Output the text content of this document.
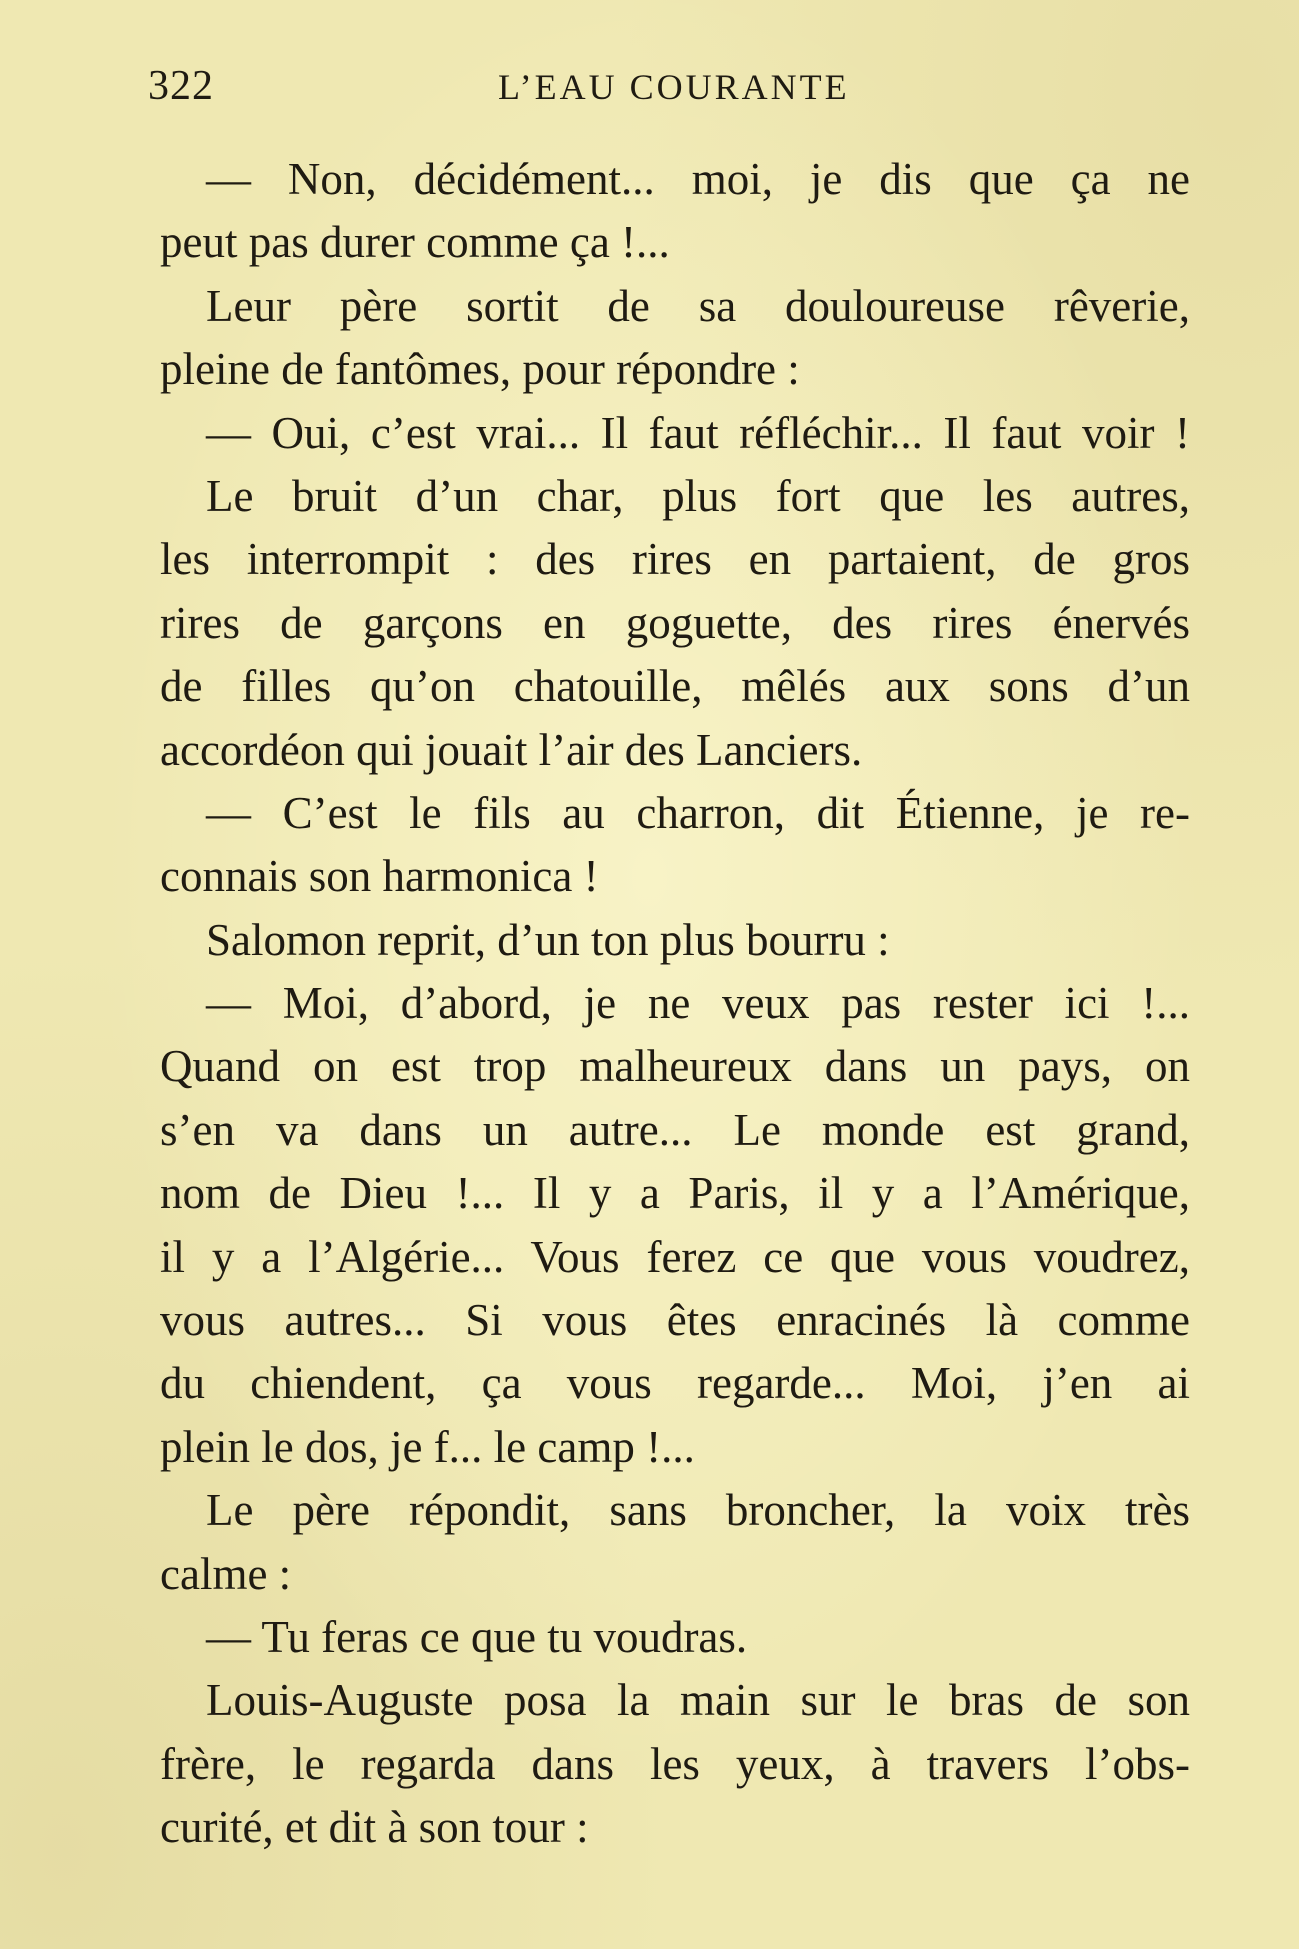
322	L’EAU COURANTE
— Non, décidément... moi, je dis que ça ne
peut pas durer comme ça !...
Leur père sortit de sa douloureuse rêverie,
pleine de fantômes, pour répondre :
— Oui, c’est vrai... Il faut réfléchir... Il faut voir !
Le bruit d’un char, plus fort que les autres,
les interrompit : des rires en partaient, de gros
rires de garçons en goguette, des rires énervés
de filles qu’on chatouille, mêlés aux sons d’un
accordéon qui jouait l’air des Lanciers.
— C’est le fils au charron, dit Étienne, je re-
connais son harmonica !
Salomon reprit, d’un ton plus bourru :
— Moi, d’abord, je ne veux pas rester ici !...
Quand on est trop malheureux dans un pays, on
s’en va dans un autre... Le monde est grand,
nom de Dieu !... Il y a Paris, il y a l’Amérique,
il y a l’Algérie... Vous ferez ce que vous voudrez,
vous autres... Si vous êtes enracinés là comme
du chiendent, ça vous regarde... Moi, j’en ai
plein le dos, je f... le camp !...
Le père répondit, sans broncher, la voix très
calme :
— Tu feras ce que tu voudras.
Louis-Auguste posa la main sur le bras de son
frère, le regarda dans les yeux, à travers l’obs-
curité, et dit à son tour :
